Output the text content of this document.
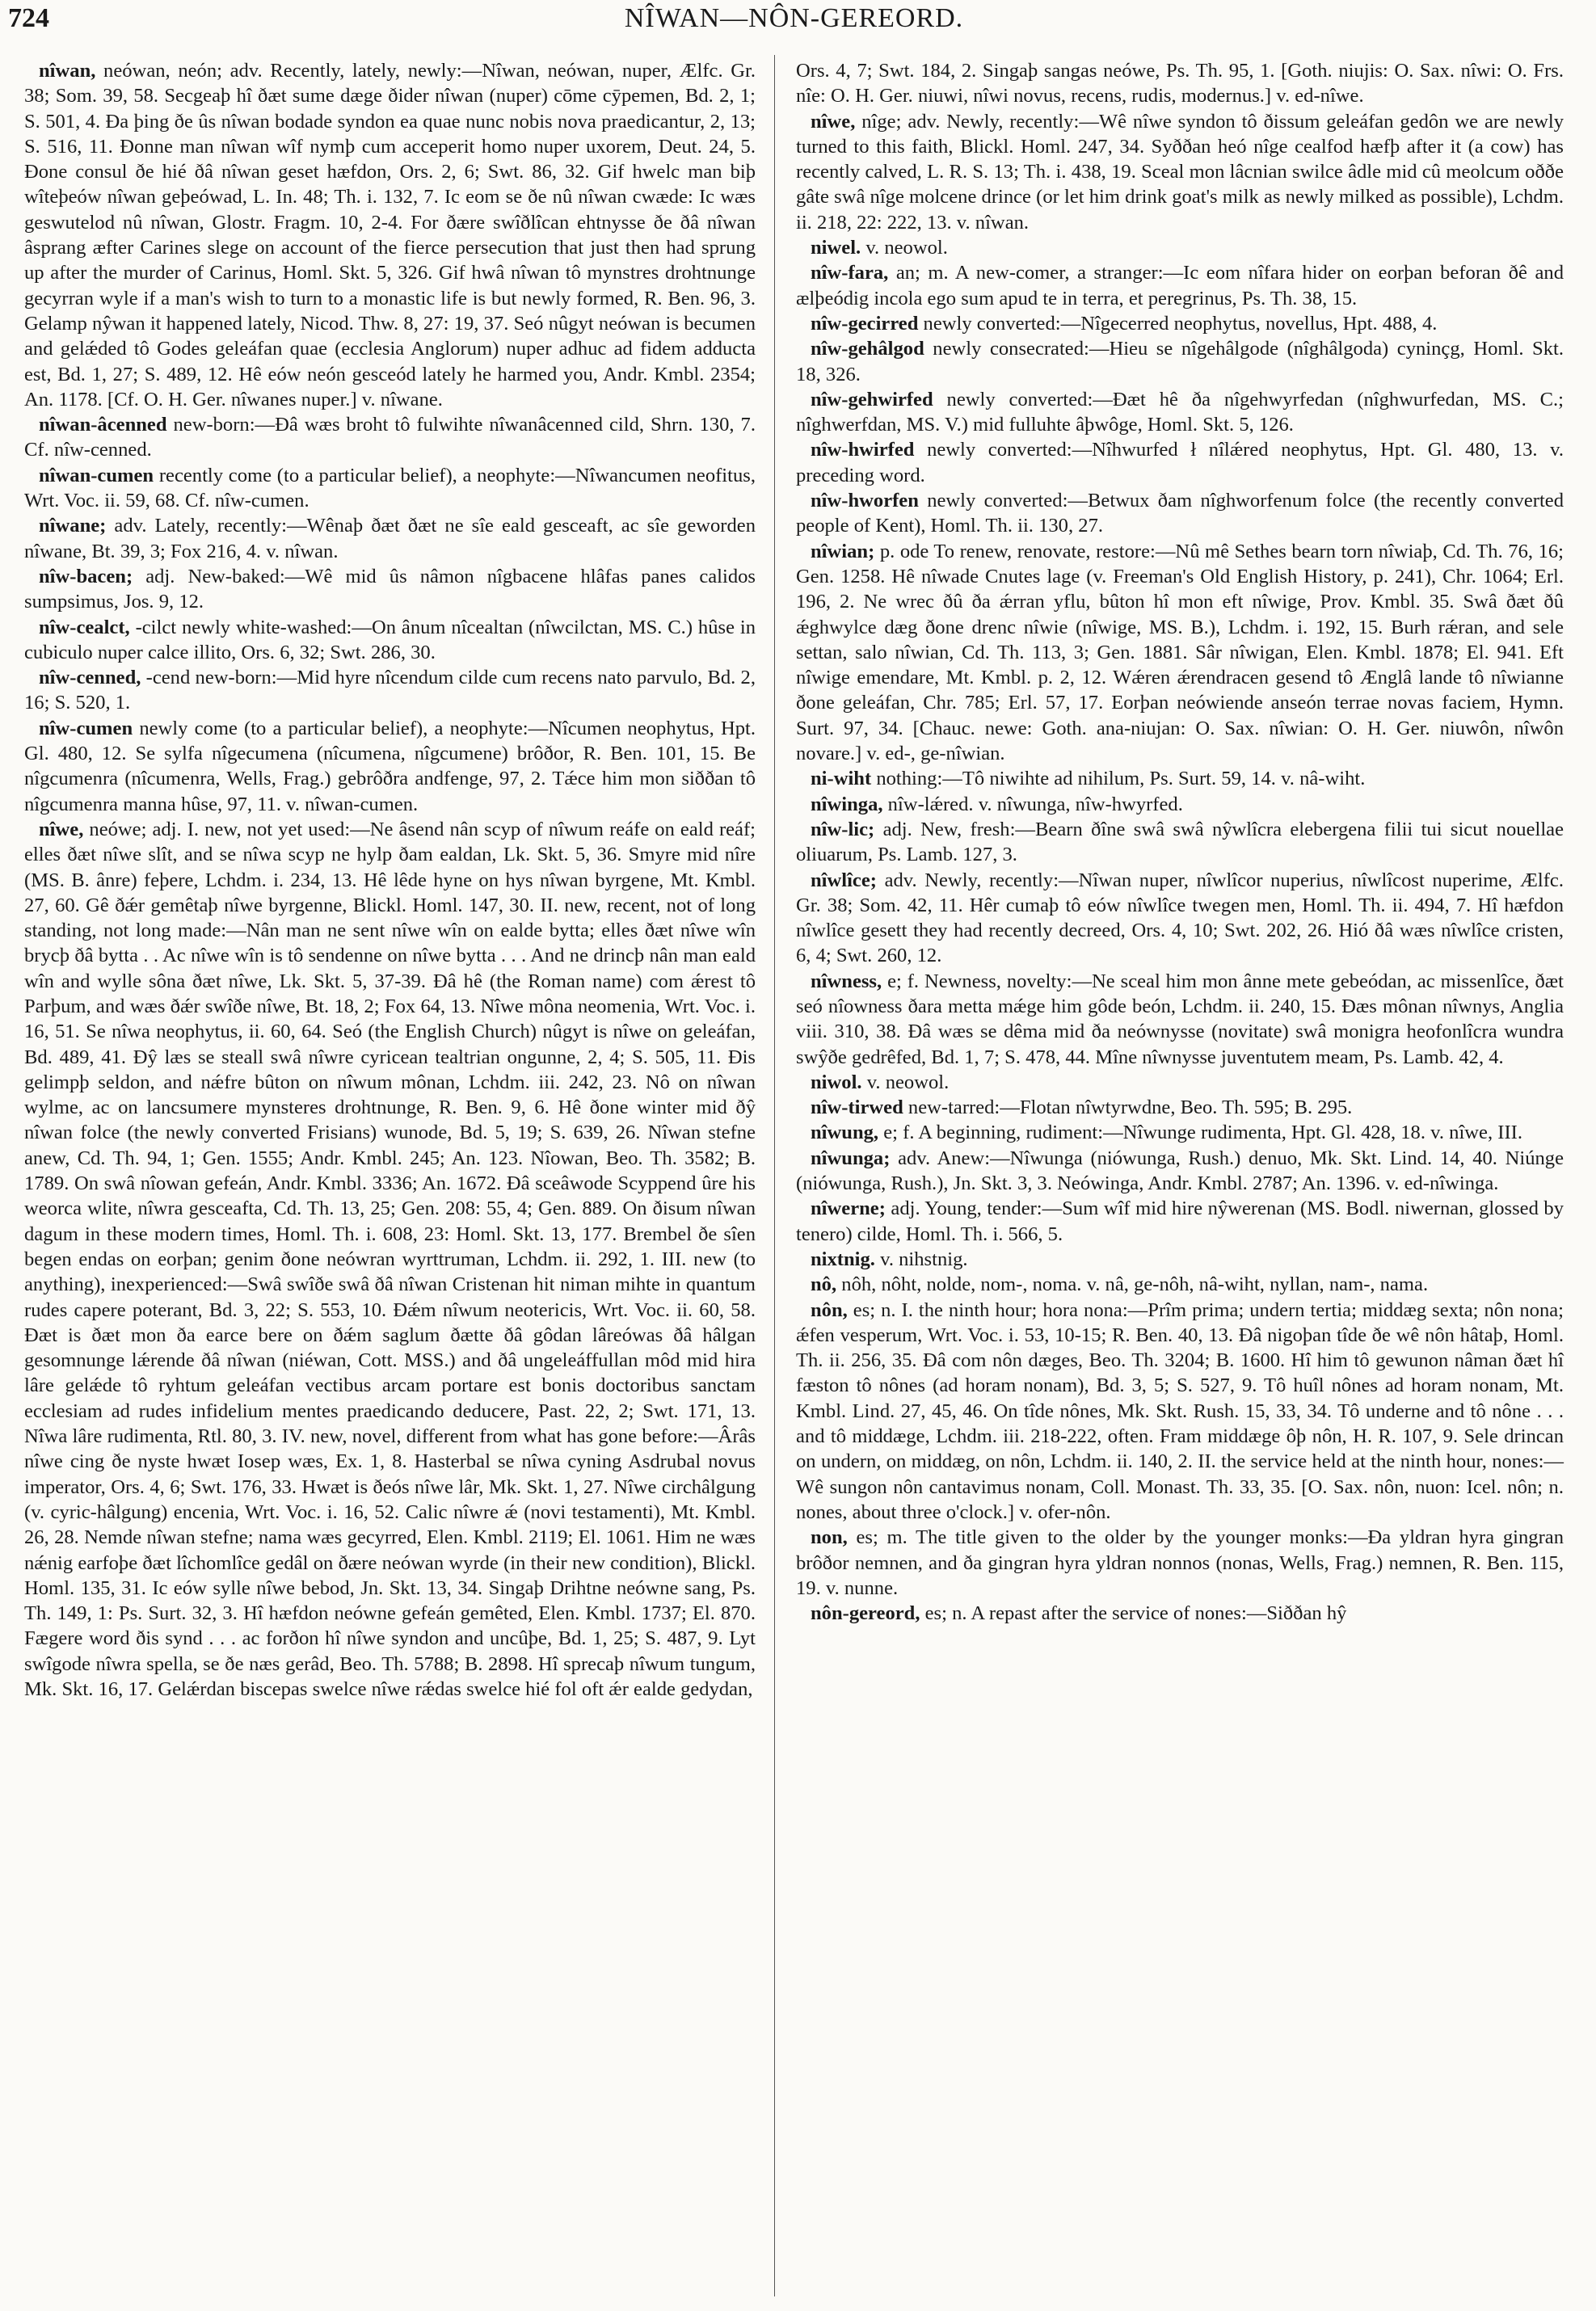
724	NÎWAN—NÔN-GEREORD.

nîwan, neówan, neón; adv. Recently, lately, newly:—Nîwan, neówan, nuper, Ælfc. Gr. 38; Som. 39, 58. Secgeaþ hî ðæt sume dæge ðider nîwan (nuper) cōme cȳpemen, Bd. 2, 1; S. 501, 4. Ða þing ðe ûs nîwan bodade syndon ea quae nunc nobis nova praedicantur, 2, 13; S. 516, 11. Ðonne man nîwan wîf nymþ cum acceperit homo nuper uxorem, Deut. 24, 5. Ðone consul ðe hié ðâ nîwan geset hæfdon, Ors. 2, 6; Swt. 86, 32. Gif hwelc man biþ wîteþeów nîwan geþeówad, L. In. 48; Th. i. 132, 7. Ic eom se ðe nû nîwan cwæde: Ic wæs geswutelod nû nîwan, Glostr. Fragm. 10, 2-4. For ðære swîðlîcan ehtnysse ðe ðâ nîwan âsprang æfter Carines slege on account of the fierce persecution that just then had sprung up after the murder of Carinus, Homl. Skt. 5, 326. Gif hwâ nîwan tô mynstres drohtnunge gecyrran wyle if a man's wish to turn to a monastic life is but newly formed, R. Ben. 96, 3. Gelamp nŷwan it happened lately, Nicod. Thw. 8, 27: 19, 37. Seó nûgyt neówan is becumen and gelǽded tô Godes geleáfan quae (ecclesia Anglorum) nuper adhuc ad fidem adducta est, Bd. 1, 27; S. 489, 12. Hê eów neón gesceód lately he harmed you, Andr. Kmbl. 2354; An. 1178. [Cf. O. H. Ger. nîwanes nuper.] v. nîwane.

nîwan-âcenned new-born:—Ðâ wæs broht tô fulwihte nîwanâcenned cild, Shrn. 130, 7. Cf. nîw-cenned.

nîwan-cumen recently come (to a particular belief), a neophyte:—Nîwancumen neofitus, Wrt. Voc. ii. 59, 68. Cf. nîw-cumen.

nîwane; adv. Lately, recently:—Wênaþ ðæt ðæt ne sîe eald gesceaft, ac sîe geworden nîwane, Bt. 39, 3; Fox 216, 4. v. nîwan.

nîw-bacen; adj. New-baked:—Wê mid ûs nâmon nîgbacene hlâfas panes calidos sumpsimus, Jos. 9, 12.

nîw-cealct, -cilct newly white-washed:—On ânum nîcealtan (nîwcilctan, MS. C.) hûse in cubiculo nuper calce illito, Ors. 6, 32; Swt. 286, 30.

nîw-cenned, -cend new-born:—Mid hyre nîcendum cilde cum recens nato parvulo, Bd. 2, 16; S. 520, 1.

nîw-cumen newly come (to a particular belief), a neophyte:—Nîcumen neophytus, Hpt. Gl. 480, 12. Se sylfa nîgecumena (nîcumena, nîgcumene) brôðor, R. Ben. 101, 15. Be nîgcumenra (nîcumenra, Wells, Frag.) gebrôðra andfenge, 97, 2. Tǽce him mon siððan tô nîgcumenra manna hûse, 97, 11. v. nîwan-cumen.

nîwe, neówe; adj. I. new, not yet used:—Ne âsend nân scyp of nîwum reáfe on eald reáf; elles ðæt nîwe slît, and se nîwa scyp ne hylp ðam ealdan, Lk. Skt. 5, 36. Smyre mid nîre (MS. B. ânre) feþere, Lchdm. i. 234, 13. Hê lêde hyne on hys nîwan byrgene, Mt. Kmbl. 27, 60. Gê ðǽr gemêtaþ nîwe byrgenne, Blickl. Homl. 147, 30. II. new, recent, not of long standing, not long made:—Nân man ne sent nîwe wîn on ealde bytta; elles ðæt nîwe wîn brycþ ðâ bytta . . Ac nîwe wîn is tô sendenne on nîwe bytta . . . And ne drincþ nân man eald wîn and wylle sôna ðæt nîwe, Lk. Skt. 5, 37-39. Ðâ hê (the Roman name) com ǽrest tô Parþum, and wæs ðǽr swîðe nîwe, Bt. 18, 2; Fox 64, 13. Nîwe môna neomenia, Wrt. Voc. i. 16, 51. Se nîwa neophytus, ii. 60, 64. Seó (the English Church) nûgyt is nîwe on geleáfan, Bd. 489, 41. Ðŷ læs se steall swâ nîwre cyricean tealtrian ongunne, 2, 4; S. 505, 11. Ðis gelimpþ seldon, and nǽfre bûton on nîwum mônan, Lchdm. iii. 242, 23. Nô on nîwan wylme, ac on lancsumere mynsteres drohtnunge, R. Ben. 9, 6. Hê ðone winter mid ðŷ nîwan folce (the newly converted Frisians) wunode, Bd. 5, 19; S. 639, 26. Nîwan stefne anew, Cd. Th. 94, 1; Gen. 1555; Andr. Kmbl. 245; An. 123. Nîowan, Beo. Th. 3582; B. 1789. On swâ nîowan gefeán, Andr. Kmbl. 3336; An. 1672. Ðâ sceâwode Scyppend ûre his weorca wlite, nîwra gesceafta, Cd. Th. 13, 25; Gen. 208: 55, 4; Gen. 889. On ðisum nîwan dagum in these modern times, Homl. Th. i. 608, 23: Homl. Skt. 13, 177. Brembel ðe sîen begen endas on eorþan; genim ðone neówran wyrttruman, Lchdm. ii. 292, 1. III. new (to anything), inexperienced:—Swâ swîðe swâ ðâ nîwan Cristenan hit niman mihte in quantum rudes capere poterant, Bd. 3, 22; S. 553, 10. Ðǽm nîwum neotericis, Wrt. Voc. ii. 60, 58. Ðæt is ðæt mon ða earce bere on ðǽm saglum ðætte ðâ gôdan lâreówas ðâ hâlgan gesomnunge lǽrende ðâ nîwan (niéwan, Cott. MSS.) and ðâ ungeleáffullan môd mid hira lâre gelǽde tô ryhtum geleáfan vectibus arcam portare est bonis doctoribus sanctam ecclesiam ad rudes infidelium mentes praedicando deducere, Past. 22, 2; Swt. 171, 13. Nîwa lâre rudimenta, Rtl. 80, 3. IV. new, novel, different from what has gone before:—Ârâs nîwe cing ðe nyste hwæt Iosep wæs, Ex. 1, 8. Hasterbal se nîwa cyning Asdrubal novus imperator, Ors. 4, 6; Swt. 176, 33. Hwæt is ðeós nîwe lâr, Mk. Skt. 1, 27. Nîwe circhâlgung (v. cyric-hâlgung) encenia, Wrt. Voc. i. 16, 52. Calic nîwre ǽ (novi testamenti), Mt. Kmbl. 26, 28. Nemde nîwan stefne; nama wæs gecyrred, Elen. Kmbl. 2119; El. 1061. Him ne wæs nǽnig earfoþe ðæt lîchomlîce gedâl on ðære neówan wyrde (in their new condition), Blickl. Homl. 135, 31. Ic eów sylle nîwe bebod, Jn. Skt. 13, 34. Singaþ Drihtne neówne sang, Ps. Th. 149, 1: Ps. Surt. 32, 3. Hî hæfdon neówne gefeán gemêted, Elen. Kmbl. 1737; El. 870. Fægere word ðis synd . . . ac forðon hî nîwe syndon and uncûþe, Bd. 1, 25; S. 487, 9. Lyt swîgode nîwra spella, se ðe næs gerâd, Beo. Th. 5788; B. 2898. Hî sprecaþ nîwum tungum, Mk. Skt. 16, 17. Gelǽrdan biscepas swelce nîwe rǽdas swelce hié fol oft ǽr ealde gedydan,

Ors. 4, 7; Swt. 184, 2. Singaþ sangas neówe, Ps. Th. 95, 1. [Goth. niujis: O. Sax. nîwi: O. Frs. nîe: O. H. Ger. niuwi, nîwi novus, recens, rudis, modernus.] v. ed-nîwe.

nîwe, nîge; adv. Newly, recently:—Wê nîwe syndon tô ðissum geleáfan gedôn we are newly turned to this faith, Blickl. Homl. 247, 34. Syððan heó nîge cealfod hæfþ after it (a cow) has recently calved, L. R. S. 13; Th. i. 438, 19. Sceal mon lâcnian swilce âdle mid cû meolcum oððe gâte swâ nîge molcene drince (or let him drink goat's milk as newly milked as possible), Lchdm. ii. 218, 22: 222, 13. v. nîwan.

niwel. v. neowol.

nîw-fara, an; m. A new-comer, a stranger:—Ic eom nîfara hider on eorþan beforan ðê and ælþeódig incola ego sum apud te in terra, et peregrinus, Ps. Th. 38, 15.

nîw-gecirred newly converted:—Nîgecerred neophytus, novellus, Hpt. 488, 4.

nîw-gehâlgod newly consecrated:—Hieu se nîgehâlgode (nîghâlgoda) cyninçg, Homl. Skt. 18, 326.

nîw-gehwirfed newly converted:—Ðæt hê ða nîgehwyrfedan (nîghwurfedan, MS. C.; nîghwerfdan, MS. V.) mid fulluhte âþwôge, Homl. Skt. 5, 126.

nîw-hwirfed newly converted:—Nîhwurfed ł nîlǽred neophytus, Hpt. Gl. 480, 13. v. preceding word.

nîw-hworfen newly converted:—Betwux ðam nîghworfenum folce (the recently converted people of Kent), Homl. Th. ii. 130, 27.

nîwian; p. ode To renew, renovate, restore:—Nû mê Sethes bearn torn nîwiaþ, Cd. Th. 76, 16; Gen. 1258. Hê nîwade Cnutes lage (v. Freeman's Old English History, p. 241), Chr. 1064; Erl. 196, 2. Ne wrec ðû ða ǽrran yflu, bûton hî mon eft nîwige, Prov. Kmbl. 35. Swâ ðæt ðû ǽghwylce dæg ðone drenc nîwie (nîwige, MS. B.), Lchdm. i. 192, 15. Burh rǽran, and sele settan, salo nîwian, Cd. Th. 113, 3; Gen. 1881. Sâr nîwigan, Elen. Kmbl. 1878; El. 941. Eft nîwige emendare, Mt. Kmbl. p. 2, 12. Wǽren ǽrendracen gesend tô Ænglâ lande tô nîwianne ðone geleáfan, Chr. 785; Erl. 57, 17. Eorþan neówiende anseón terrae novas faciem, Hymn. Surt. 97, 34. [Chauc. newe: Goth. ana-niujan: O. Sax. nîwian: O. H. Ger. niuwôn, nîwôn novare.] v. ed-, ge-nîwian.

ni-wiht nothing:—Tô niwihte ad nihilum, Ps. Surt. 59, 14. v. nâ-wiht.

nîwinga, nîw-lǽred. v. nîwunga, nîw-hwyrfed.

nîw-lic; adj. New, fresh:—Bearn ðîne swâ swâ nŷwlîcra elebergena filii tui sicut nouellae oliuarum, Ps. Lamb. 127, 3.

nîwlîce; adv. Newly, recently:—Nîwan nuper, nîwlîcor nuperius, nîwlîcost nuperime, Ælfc. Gr. 38; Som. 42, 11. Hêr cumaþ tô eów nîwlîce twegen men, Homl. Th. ii. 494, 7. Hî hæfdon nîwlîce gesett they had recently decreed, Ors. 4, 10; Swt. 202, 26. Hió ðâ wæs nîwlîce cristen, 6, 4; Swt. 260, 12.

nîwness, e; f. Newness, novelty:—Ne sceal him mon ânne mete gebeódan, ac missenlîce, ðæt seó nîowness ðara metta mǽge him gôde beón, Lchdm. ii. 240, 15. Ðæs mônan nîwnys, Anglia viii. 310, 38. Ðâ wæs se dêma mid ða neównysse (novitate) swâ monigra heofonlîcra wundra swŷðe gedrêfed, Bd. 1, 7; S. 478, 44. Mîne nîwnysse juventutem meam, Ps. Lamb. 42, 4.

niwol. v. neowol.

nîw-tirwed new-tarred:—Flotan nîwtyrwdne, Beo. Th. 595; B. 295.

nîwung, e; f. A beginning, rudiment:—Nîwunge rudimenta, Hpt. Gl. 428, 18. v. nîwe, III.

nîwunga; adv. Anew:—Nîwunga (niówunga, Rush.) denuo, Mk. Skt. Lind. 14, 40. Niúnge (niówunga, Rush.), Jn. Skt. 3, 3. Neówinga, Andr. Kmbl. 2787; An. 1396. v. ed-nîwinga.

nîwerne; adj. Young, tender:—Sum wîf mid hire nŷwerenan (MS. Bodl. niwernan, glossed by tenero) cilde, Homl. Th. i. 566, 5.

nixtnig. v. nihstnig.

nô, nôh, nôht, nolde, nom-, noma. v. nâ, ge-nôh, nâ-wiht, nyllan, nam-, nama.

nôn, es; n. I. the ninth hour; hora nona:—Prîm prima; undern tertia; middæg sexta; nôn nona; ǽfen vesperum, Wrt. Voc. i. 53, 10-15; R. Ben. 40, 13. Ðâ nigoþan tîde ðe wê nôn hâtaþ, Homl. Th. ii. 256, 35. Ðâ com nôn dæges, Beo. Th. 3204; B. 1600. Hî him tô gewunon nâman ðæt hî fæston tô nônes (ad horam nonam), Bd. 3, 5; S. 527, 9. Tô huîl nônes ad horam nonam, Mt. Kmbl. Lind. 27, 45, 46. On tîde nônes, Mk. Skt. Rush. 15, 33, 34. Tô underne and tô nône . . . and tô middæge, Lchdm. iii. 218-222, often. Fram middæge ôþ nôn, H. R. 107, 9. Sele drincan on undern, on middæg, on nôn, Lchdm. ii. 140, 2. II. the service held at the ninth hour, nones:—Wê sungon nôn cantavimus nonam, Coll. Monast. Th. 33, 35. [O. Sax. nôn, nuon: Icel. nôn; n. nones, about three o'clock.] v. ofer-nôn.

non, es; m. The title given to the older by the younger monks:—Ða yldran hyra gingran brôðor nemnen, and ða gingran hyra yldran nonnos (nonas, Wells, Frag.) nemnen, R. Ben. 115, 19. v. nunne.

nôn-gereord, es; n. A repast after the service of nones:—Siððan hŷ
